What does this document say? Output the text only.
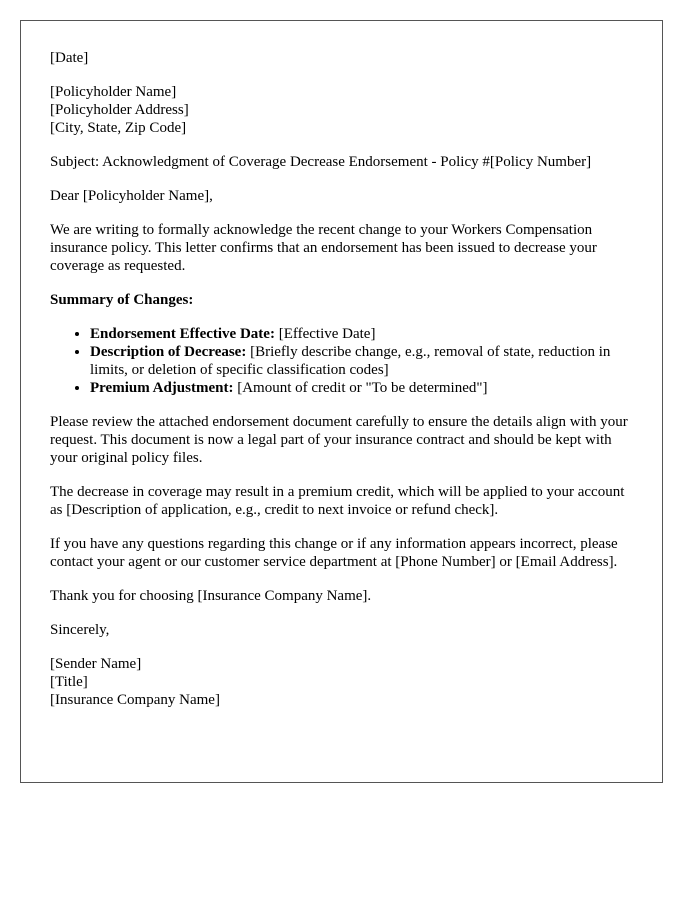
[Date]

[Policyholder Name]
[Policyholder Address]
[City, State, Zip Code]

Subject: Acknowledgment of Coverage Decrease Endorsement - Policy #[Policy Number]

Dear [Policyholder Name],

We are writing to formally acknowledge the recent change to your Workers Compensation insurance policy. This letter confirms that an endorsement has been issued to decrease your coverage as requested.

Summary of Changes:

• Endorsement Effective Date: [Effective Date]
• Description of Decrease: [Briefly describe change, e.g., removal of state, reduction in limits, or deletion of specific classification codes]
• Premium Adjustment: [Amount of credit or "To be determined"]

Please review the attached endorsement document carefully to ensure the details align with your request. This document is now a legal part of your insurance contract and should be kept with your original policy files.

The decrease in coverage may result in a premium credit, which will be applied to your account as [Description of application, e.g., credit to next invoice or refund check].

If you have any questions regarding this change or if any information appears incorrect, please contact your agent or our customer service department at [Phone Number] or [Email Address].

Thank you for choosing [Insurance Company Name].

Sincerely,

[Sender Name]
[Title]
[Insurance Company Name]
